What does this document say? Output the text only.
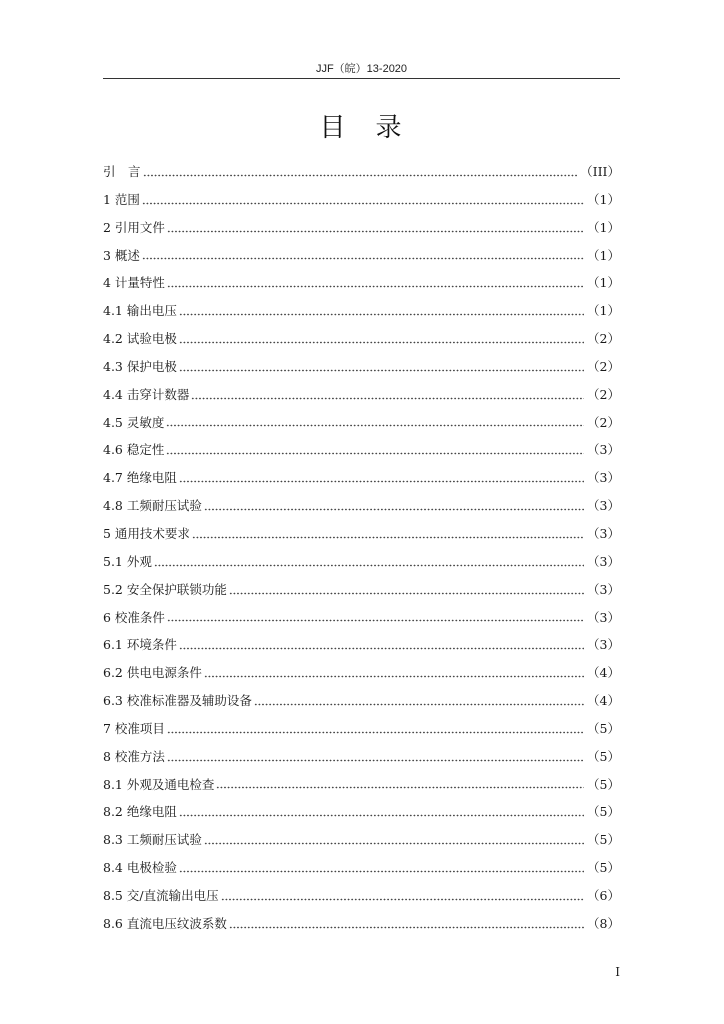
JJF（皖）13-2020
目　录
引　言	（III）
1 范围	（1）
2 引用文件	（1）
3 概述	（1）
4 计量特性	（1）
4.1 输出电压	（1）
4.2 试验电极	（2）
4.3 保护电极	（2）
4.4 击穿计数器	（2）
4.5 灵敏度	（2）
4.6 稳定性	（3）
4.7 绝缘电阻	（3）
4.8 工频耐压试验	（3）
5 通用技术要求	（3）
5.1 外观	（3）
5.2 安全保护联锁功能	（3）
6 校准条件	（3）
6.1 环境条件	（3）
6.2 供电电源条件	（4）
6.3 校准标准器及辅助设备	（4）
7 校准项目	（5）
8 校准方法	（5）
8.1 外观及通电检查	（5）
8.2 绝缘电阻	（5）
8.3 工频耐压试验	（5）
8.4 电极检验	（5）
8.5 交/直流输出电压	（6）
8.6 直流电压纹波系数	（8）
I
